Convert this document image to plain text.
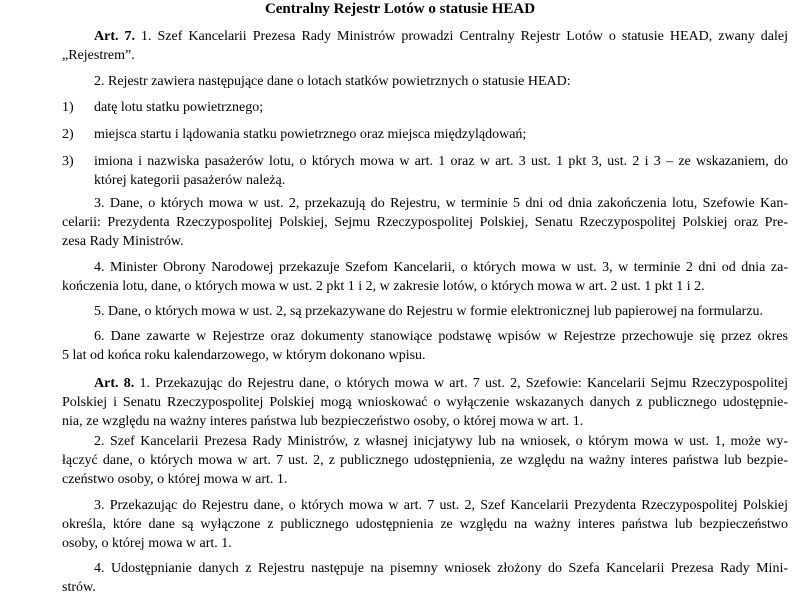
Centralny Rejestr Lotów o statusie HEAD
Art. 7. 1. Szef Kancelarii Prezesa Rady Ministrów prowadzi Centralny Rejestr Lotów o statusie HEAD, zwany dalej
„Rejestrem”.
2. Rejestr zawiera następujące dane o lotach statków powietrznych o statusie HEAD:
1)	datę lotu statku powietrznego;
2)	miejsca startu i lądowania statku powietrznego oraz miejsca międzylądowań;
3)	imiona i nazwiska pasażerów lotu, o których mowa w art. 1 oraz w art. 3 ust. 1 pkt 3, ust. 2 i 3 – ze wskazaniem, do
której kategorii pasażerów należą.
3. Dane, o których mowa w ust. 2, przekazują do Rejestru, w terminie 5 dni od dnia zakończenia lotu, Szefowie Kan-
celarii: Prezydenta Rzeczypospolitej Polskiej, Sejmu Rzeczypospolitej Polskiej, Senatu Rzeczypospolitej Polskiej oraz Pre-
zesa Rady Ministrów.
4. Minister Obrony Narodowej przekazuje Szefom Kancelarii, o których mowa w ust. 3, w terminie 2 dni od dnia za-
kończenia lotu, dane, o których mowa w ust. 2 pkt 1 i 2, w zakresie lotów, o których mowa w art. 2 ust. 1 pkt 1 i 2.
5. Dane, o których mowa w ust. 2, są przekazywane do Rejestru w formie elektronicznej lub papierowej na formularzu.
6. Dane zawarte w Rejestrze oraz dokumenty stanowiące podstawę wpisów w Rejestrze przechowuje się przez okres
5 lat od końca roku kalendarzowego, w którym dokonano wpisu.
Art. 8. 1. Przekazując do Rejestru dane, o których mowa w art. 7 ust. 2, Szefowie: Kancelarii Sejmu Rzeczypospolitej
Polskiej i Senatu Rzeczypospolitej Polskiej mogą wnioskować o wyłączenie wskazanych danych z publicznego udostępnie-
nia, ze względu na ważny interes państwa lub bezpieczeństwo osoby, o której mowa w art. 1.
2. Szef Kancelarii Prezesa Rady Ministrów, z własnej inicjatywy lub na wniosek, o którym mowa w ust. 1, może wy-
łączyć dane, o których mowa w art. 7 ust. 2, z publicznego udostępnienia, ze względu na ważny interes państwa lub bezpie-
czeństwo osoby, o której mowa w art. 1.
3. Przekazując do Rejestru dane, o których mowa w art. 7 ust. 2, Szef Kancelarii Prezydenta Rzeczypospolitej Polskiej
określa, które dane są wyłączone z publicznego udostępnienia ze względu na ważny interes państwa lub bezpieczeństwo
osoby, o której mowa w art. 1.
4. Udostępnianie danych z Rejestru następuje na pisemny wniosek złożony do Szefa Kancelarii Prezesa Rady Mini-
strów.
